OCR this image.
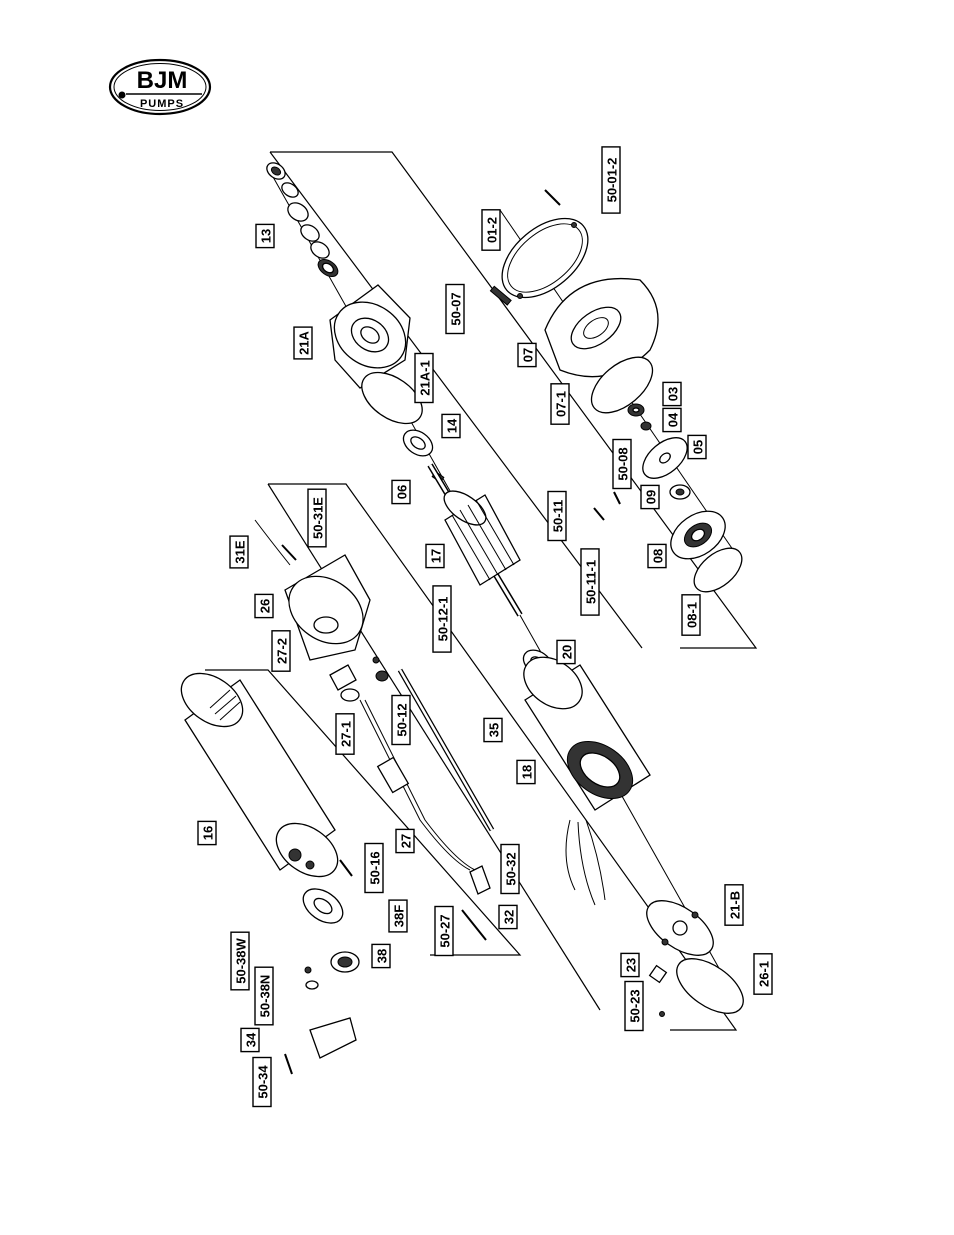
BJM
PUMPS
13
21A
21A-1
14
06
17
20
18
21-B
26-1
23
50-23
01-2
50-01-2
50-07
07
07-1	03
04
05
50-08
09
50-11
08
50-11-1
08-1
31E
50-31E
26
27-2
50-12-1
27-1	50-12	35
16
27
50-16	50-32
38F	32
50-27
38
50-38W
50-38N
34
50-34
